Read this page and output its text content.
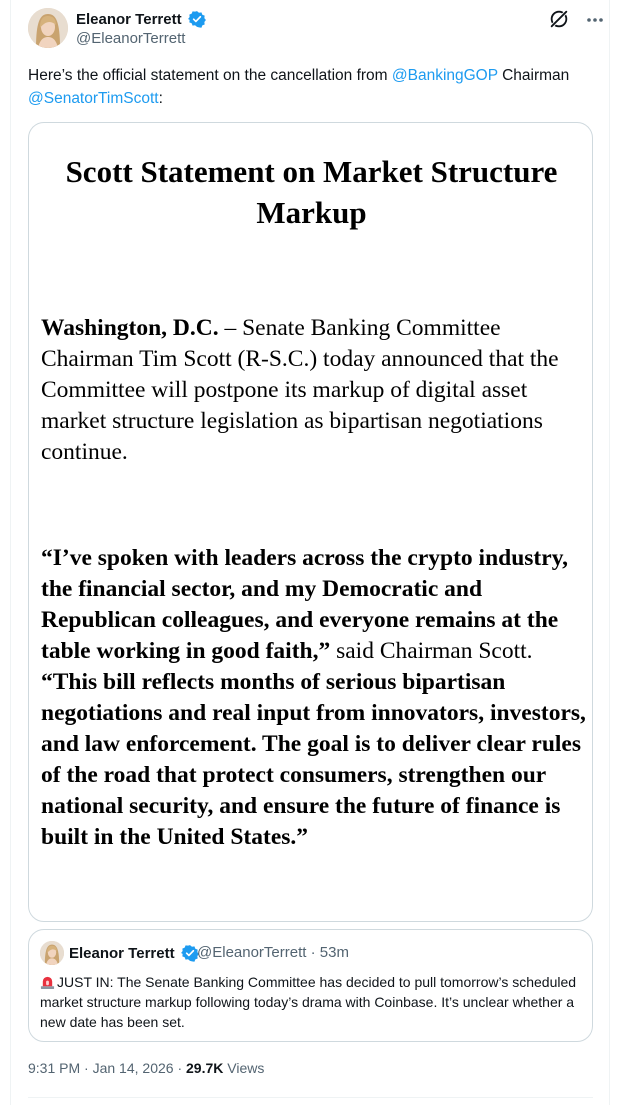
Eleanor Terrett
@EleanorTerrett
Here’s the official statement on the cancellation from @BankingGOP Chairman @SenatorTimScott:
Scott Statement on Market Structure
Markup
Washington, D.C. – Senate Banking Committee Chairman Tim Scott (R-S.C.) today announced that the Committee will postpone its markup of digital asset market structure legislation as bipartisan negotiations continue.
“I’ve spoken with leaders across the crypto industry, the financial sector, and my Democratic and Republican colleagues, and everyone remains at the table working in good faith,” said Chairman Scott. “This bill reflects months of serious bipartisan negotiations and real input from innovators, investors, and law enforcement. The goal is to deliver clear rules of the road that protect consumers, strengthen our national security, and ensure the future of finance is built in the United States.”
Eleanor Terrett	@EleanorTerrett · 53m
JUST IN: The Senate Banking Committee has decided to pull tomorrow’s scheduled market structure markup following today’s drama with Coinbase. It’s unclear whether a new date has been set.
9:31 PM · Jan 14, 2026 · 29.7K Views
